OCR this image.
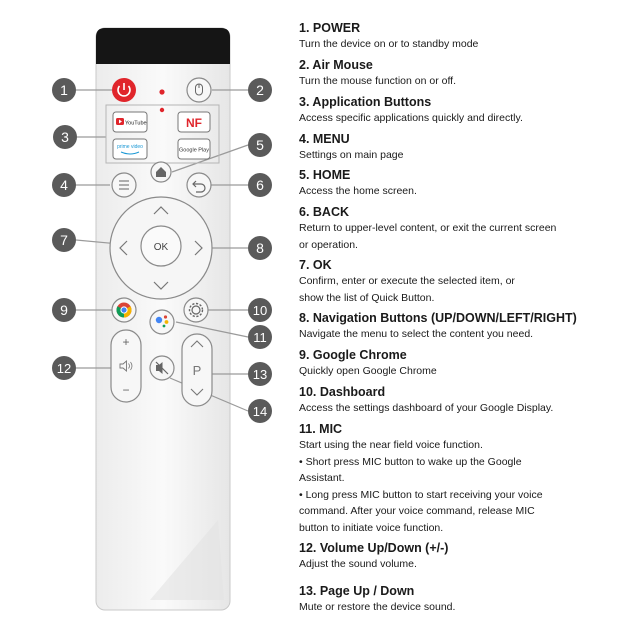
YouTube	NF
prime video
Google Play
OK
+
−
P
1	2
3
4
5
6
7	8
9	10
11
12	13
14
1. POWER
Turn the device on or to standby mode
2. Air Mouse
Turn the mouse function on or off.
3. Application Buttons
Access specific applications quickly and directly.
4. MENU
Settings on main page
5. HOME
Access the home screen.
6. BACK
Return to upper-level content, or exit the current screen
or operation.
7. OK
Confirm, enter or execute the selected item, or
show the list of Quick Button.
8. Navigation Buttons (UP/DOWN/LEFT/RIGHT)
Navigate the menu to select the content you need.
9. Google Chrome
Quickly open Google Chrome
10. Dashboard
Access the settings dashboard of your Google Display.
11. MIC
Start using the near field voice function.
• Short press MIC button to wake up the Google
Assistant.
• Long press MIC button to start receiving your voice
command. After your voice command, release MIC
button to initiate voice function.
12. Volume Up/Down (+/-)
Adjust the sound volume.
13. Page Up / Down
Mute or restore the device sound.
